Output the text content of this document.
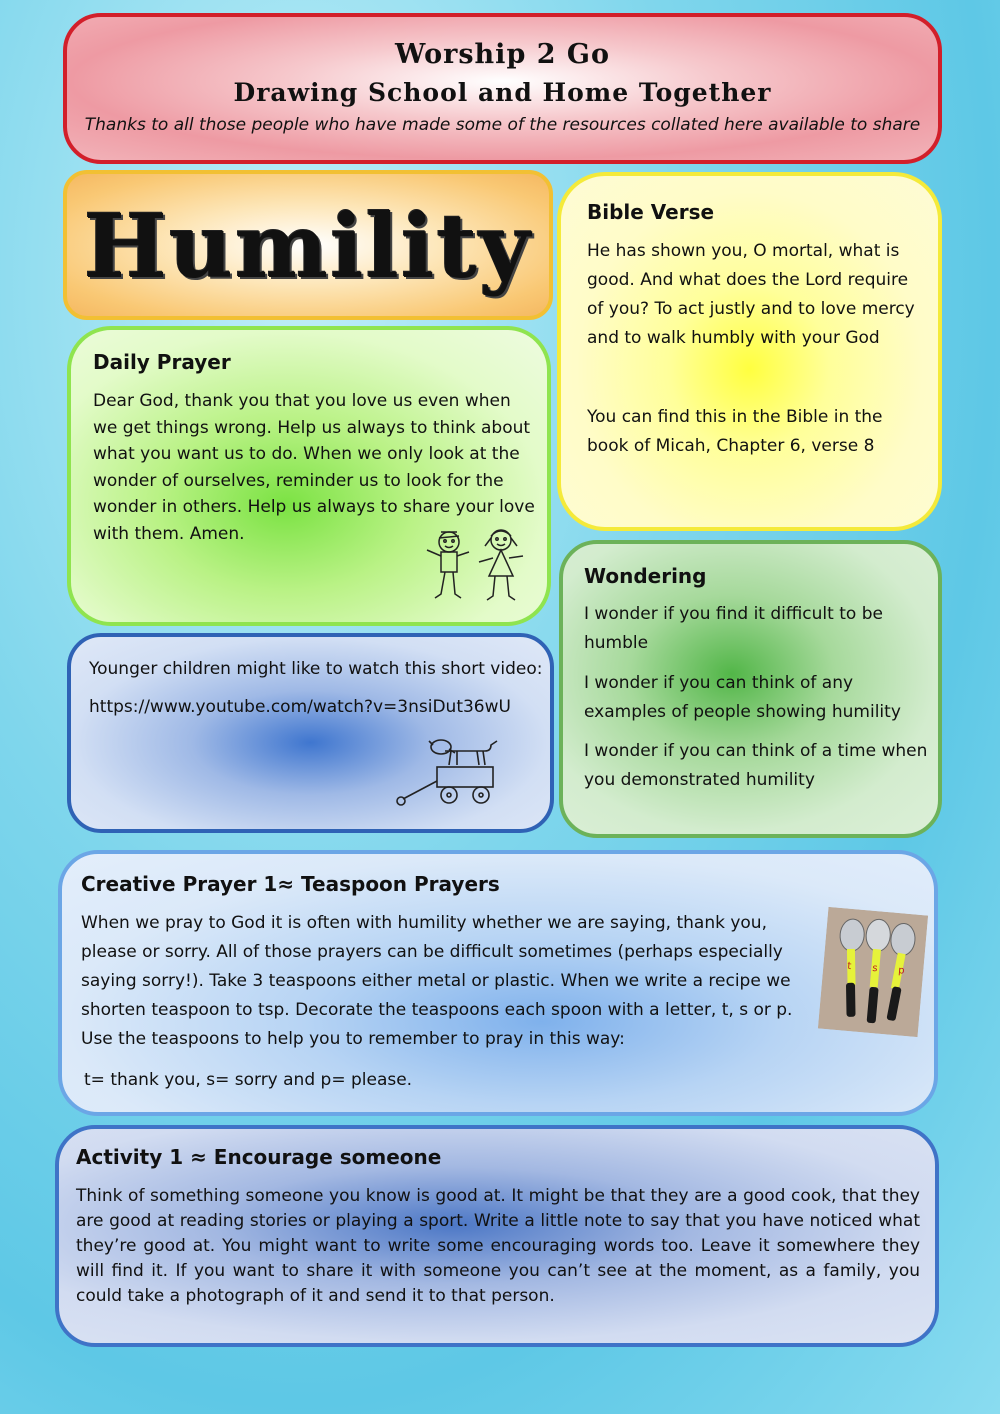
Worship 2 Go
Drawing School and Home Together
Thanks to all those people who have made some of the resources collated here available to share
Humility	Bible Verse

He has shown you, O mortal, what is good. And what does the Lord require of you? To act justly and to love mercy and to walk humbly with your God

You can find this in the Bible in the book of Micah, Chapter 6, verse 8

Daily Prayer

Dear God, thank you that you love us even when we get things wrong. Help us always to think about what you want us to do. When we only look at the wonder of ourselves, reminder us to look for the wonder in others. Help us always to share your love with them. Amen.

Younger children might like to watch this short video:

https://www.youtube.com/watch?v=3nsiDut36wU

Wondering

I wonder if you find it difficult to be humble

I wonder if you can think of any examples of people showing humility

I wonder if you can think of a time when you demonstrated humility

Creative Prayer 1≈ Teaspoon Prayers

When we pray to God it is often with humility whether we are saying, thank you, please or sorry. All of those prayers can be difficult sometimes (perhaps especially saying sorry!). Take 3 teaspoons either metal or plastic. When we write a recipe we shorten teaspoon to tsp. Decorate the teaspoons each spoon with a letter, t, s or p. Use the teaspoons to help you to remember to pray in this way:

t= thank you, s= sorry and p= please.

t s p
Activity 1 ≈ Encourage someone

Think of something someone you know is good at. It might be that they are a good cook, that they are good at reading stories or playing a sport. Write a little note to say that you have noticed what they’re good at. You might want to write some encouraging words too. Leave it somewhere they will find it. If you want to share it with someone you can’t see at the moment, as a family, you could take a photograph of it and send it to that person.
